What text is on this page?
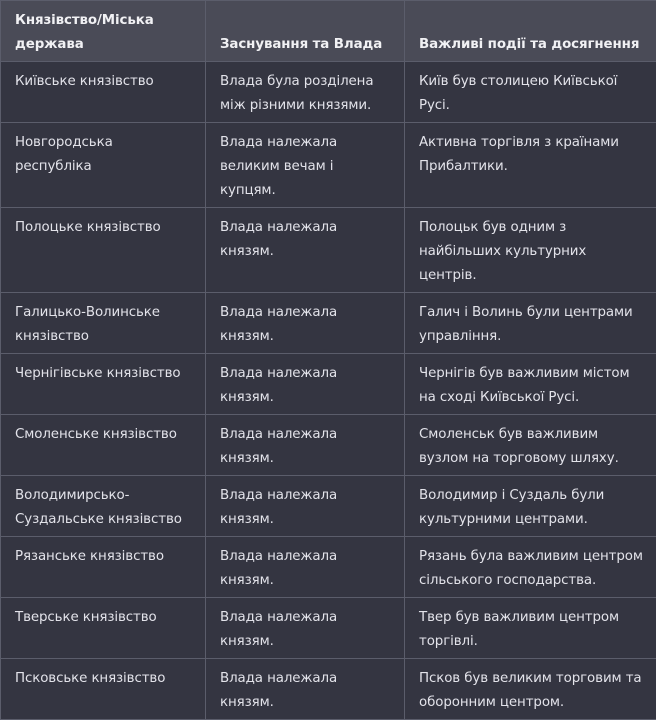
Князівство/Міська держава	Заснування та Влада	Важливі події та досягнення
Київське князівство	Влада була розділена між різними князями.	Київ був столицею Київської Русі.
Новгородська республіка	Влада належала великим вечам і купцям.	Активна торгівля з країнами Прибалтики.
Полоцьке князівство	Влада належала князям.	Полоцьк був одним з найбільших культурних центрів.
Галицько-Волинське князівство	Влада належала князям.	Галич і Волинь були центрами управління.
Чернігівське князівство	Влада належала князям.	Чернігів був важливим містом на сході Київської Русі.
Смоленське князівство	Влада належала князям.	Смоленськ був важливим вузлом на торговому шляху.
Володимирсько-Суздальське князівство	Влада належала князям.	Володимир і Суздаль були культурними центрами.
Рязанське князівство	Влада належала князям.	Рязань була важливим центром сільського господарства.
Тверське князівство	Влада належала князям.	Твер був важливим центром торгівлі.
Псковське князівство	Влада належала князям.	Псков був великим торговим та оборонним центром.
